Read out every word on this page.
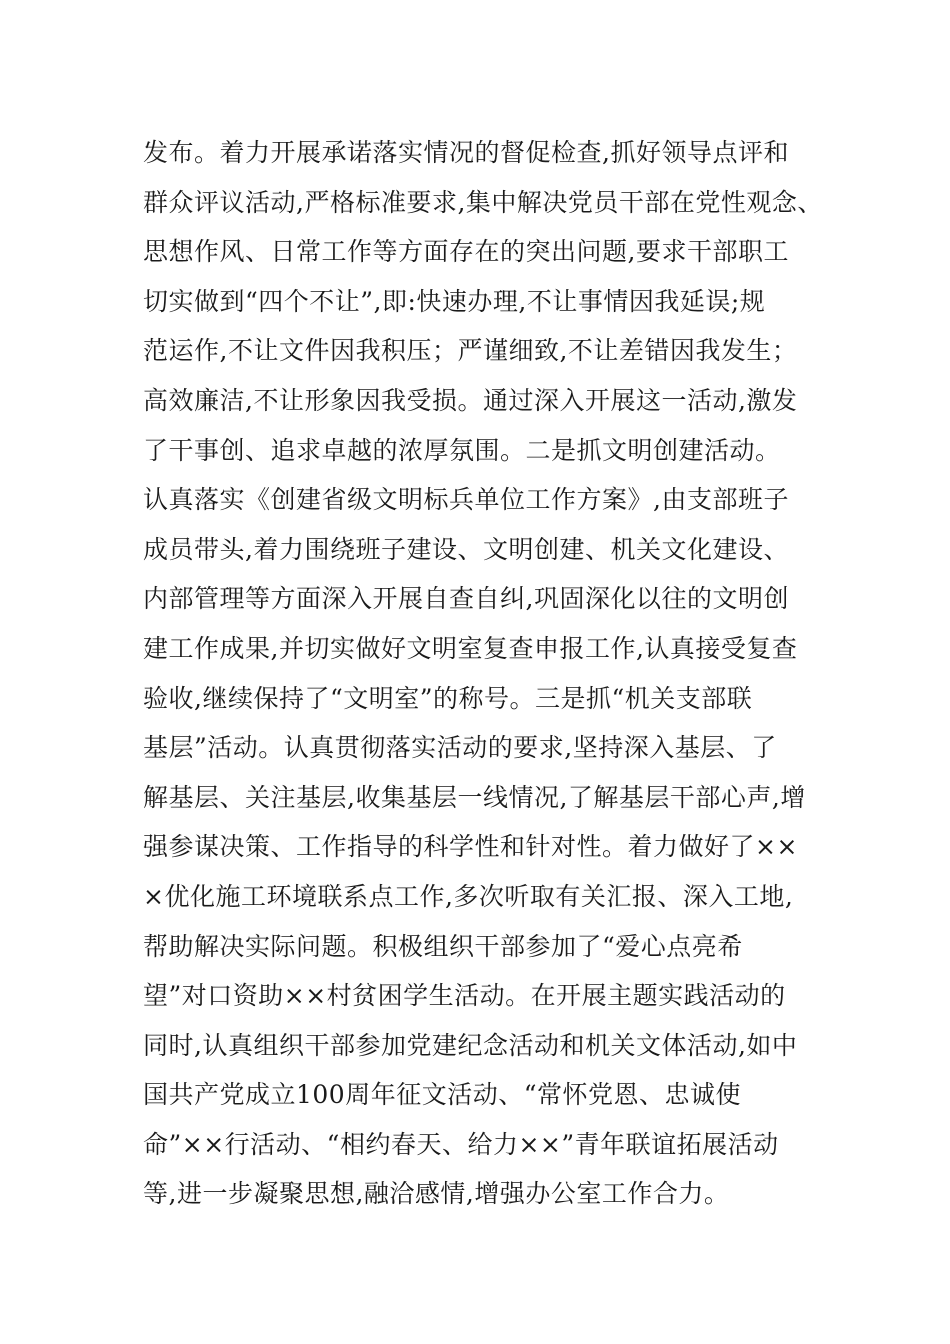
发布。着力开展承诺落实情况的督促检查,抓好领导点评和
群众评议活动,严格标准要求,集中解决党员干部在党性观念、
思想作风、日常工作等方面存在的突出问题,要求干部职工
切实做到“四个不让”,即:快速办理,不让事情因我延误;规
范运作,不让文件因我积压；严谨细致,不让差错因我发生；
高效廉洁,不让形象因我受损。通过深入开展这一活动,激发
了干事创、追求卓越的浓厚氛围。二是抓文明创建活动。
认真落实《创建省级文明标兵单位工作方案》,由支部班子
成员带头,着力围绕班子建设、文明创建、机关文化建设、
内部管理等方面深入开展自查自纠,巩固深化以往的文明创
建工作成果,并切实做好文明室复查申报工作,认真接受复查
验收,继续保持了“文明室”的称号。三是抓“机关支部联
基层”活动。认真贯彻落实活动的要求,坚持深入基层、了
解基层、关注基层,收集基层一线情况,了解基层干部心声,增
强参谋决策、工作指导的科学性和针对性。着力做好了××
×优化施工环境联系点工作,多次听取有关汇报、深入工地,
帮助解决实际问题。积极组织干部参加了“爱心点亮希
望”对口资助××村贫困学生活动。在开展主题实践活动的
同时,认真组织干部参加党建纪念活动和机关文体活动,如中
国共产党成立100周年征文活动、“常怀党恩、忠诚使
命”××行活动、“相约春天、给力××”青年联谊拓展活动
等,进一步凝聚思想,融洽感情,增强办公室工作合力。
